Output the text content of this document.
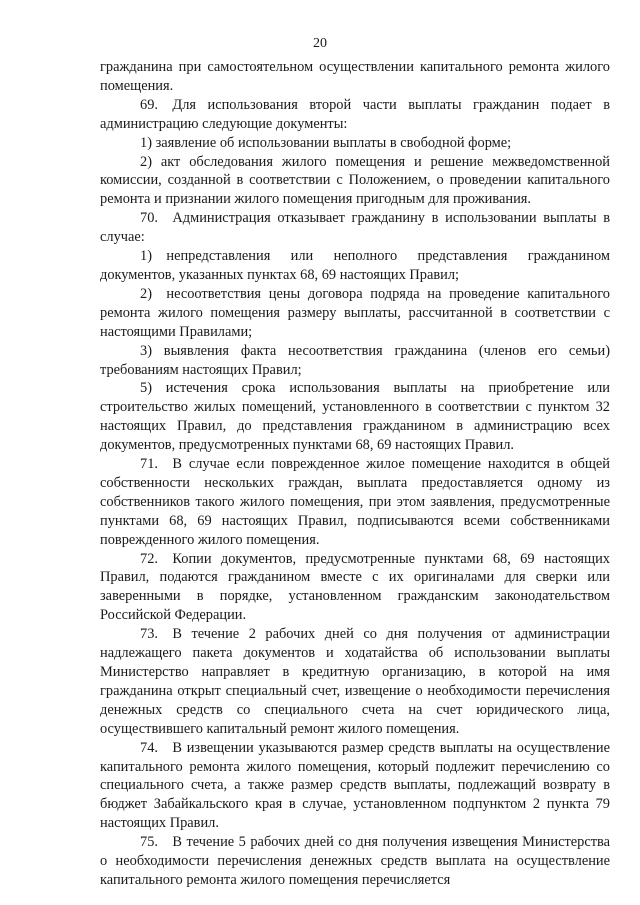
20

гражданина при самостоятельном осуществлении капитального ремонта жилого помещения.

69. Для использования второй части выплаты гражданин подает в администрацию следующие документы:

1) заявление об использовании выплаты в свободной форме;

2) акт обследования жилого помещения и решение межведомственной комиссии, созданной в соответствии с Положением, о проведении капитального ремонта и признании жилого помещения пригодным для проживания.

70. Администрация отказывает гражданину в использовании выплаты в случае:

1) непредставления или неполного представления гражданином документов, указанных пунктах 68, 69 настоящих Правил;

2) несоответствия цены договора подряда на проведение капитального ремонта жилого помещения размеру выплаты, рассчитанной в соответствии с настоящими Правилами;

3) выявления факта несоответствия гражданина (членов его семьи) требованиям настоящих Правил;

5) истечения срока использования выплаты на приобретение или строительство жилых помещений, установленного в соответствии с пунктом 32 настоящих Правил, до представления гражданином в администрацию всех документов, предусмотренных пунктами 68, 69 настоящих Правил.

71. В случае если поврежденное жилое помещение находится в общей собственности нескольких граждан, выплата предоставляется одному из собственников такого жилого помещения, при этом заявления, предусмотренные пунктами 68, 69 настоящих Правил, подписываются всеми собственниками поврежденного жилого помещения.

72. Копии документов, предусмотренные пунктами 68, 69 настоящих Правил, подаются гражданином вместе с их оригиналами для сверки или заверенными в порядке, установленном гражданским законодательством Российской Федерации.

73. В течение 2 рабочих дней со дня получения от администрации надлежащего пакета документов и ходатайства об использовании выплаты Министерство направляет в кредитную организацию, в которой на имя гражданина открыт специальный счет, извещение о необходимости перечисления денежных средств со специального счета на счет юридического лица, осуществившего капитальный ремонт жилого помещения.

74. В извещении указываются размер средств выплаты на осуществление капитального ремонта жилого помещения, который подлежит перечислению со специального счета, а также размер средств выплаты, подлежащий возврату в бюджет Забайкальского края в случае, установленном подпунктом 2 пункта 79 настоящих Правил.

75. В течение 5 рабочих дней со дня получения извещения Министерства о необходимости перечисления денежных средств выплата на осуществление капитального ремонта жилого помещения перечисляется
